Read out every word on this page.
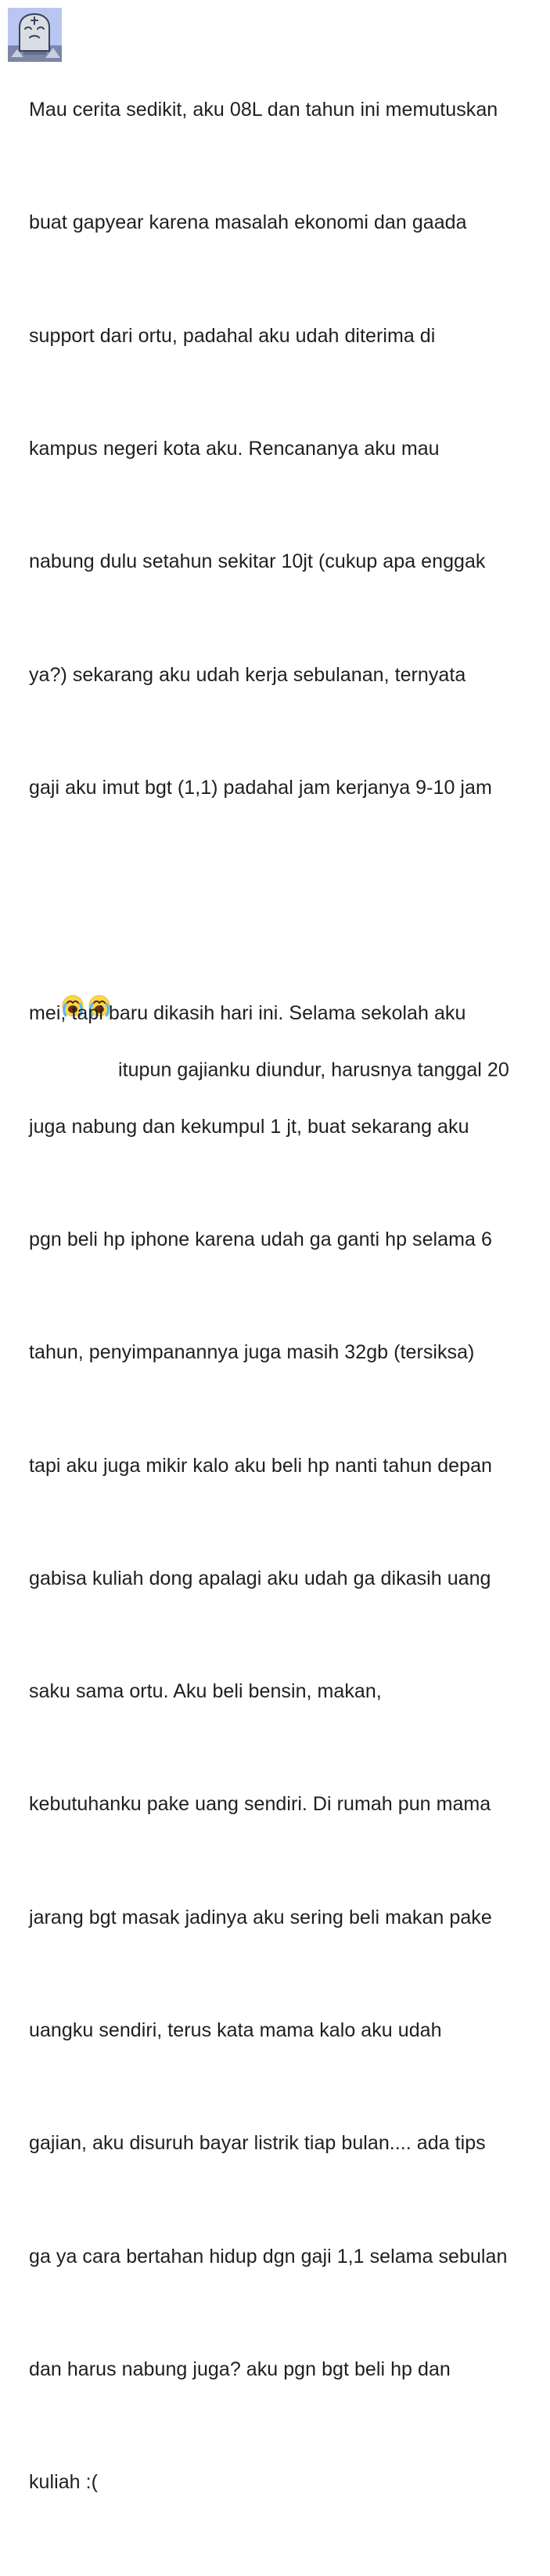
Mau cerita sedikit, aku 08L dan tahun ini memutuskan

buat gapyear karena masalah ekonomi dan gaada

support dari ortu, padahal aku udah diterima di

kampus negeri kota aku. Rencananya aku mau

nabung dulu setahun sekitar 10jt (cukup apa enggak

ya?) sekarang aku udah kerja sebulanan, ternyata

gaji aku imut bgt (1,1) padahal jam kerjanya 9-10 jam

itupun gajianku diundur, harusnya tanggal 20

mei, tapi baru dikasih hari ini. Selama sekolah aku

juga nabung dan kekumpul 1 jt, buat sekarang aku

pgn beli hp iphone karena udah ga ganti hp selama 6

tahun, penyimpanannya juga masih 32gb (tersiksa)

tapi aku juga mikir kalo aku beli hp nanti tahun depan

gabisa kuliah dong apalagi aku udah ga dikasih uang

saku sama ortu. Aku beli bensin, makan,

kebutuhanku pake uang sendiri. Di rumah pun mama

jarang bgt masak jadinya aku sering beli makan pake

uangku sendiri, terus kata mama kalo aku udah

gajian, aku disuruh bayar listrik tiap bulan.... ada tips

ga ya cara bertahan hidup dgn gaji 1,1 selama sebulan

dan harus nabung juga? aku pgn bgt beli hp dan

kuliah :(
